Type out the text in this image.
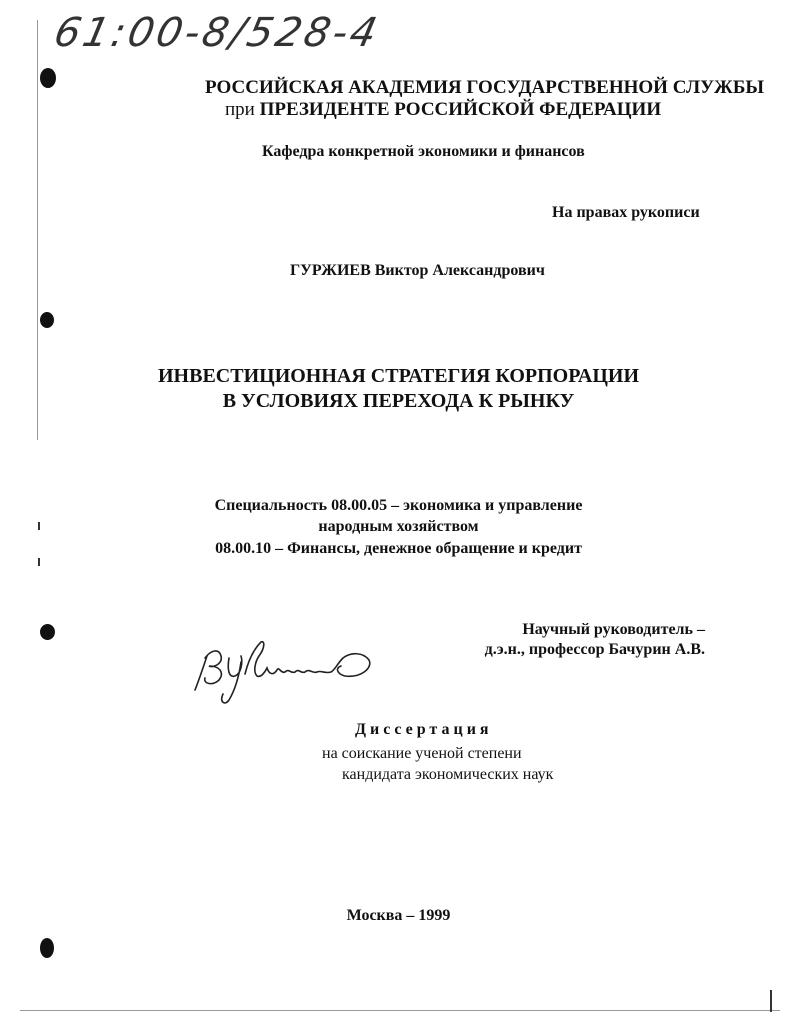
61:00-8/528-4
РОССИЙСКАЯ АКАДЕМИЯ ГОСУДАРСТВЕННОЙ СЛУЖБЫ
при ПРЕЗИДЕНТЕ РОССИЙСКОЙ ФЕДЕРАЦИИ
Кафедра конкретной экономики и финансов
На правах рукописи
ГУРЖИЕВ Виктор Александрович
ИНВЕСТИЦИОННАЯ СТРАТЕГИЯ КОРПОРАЦИИ
В УСЛОВИЯХ ПЕРЕХОДА К РЫНКУ
Специальность 08.00.05 – экономика и управление
народным хозяйством
08.00.10 – Финансы, денежное обращение и кредит
Научный руководитель –
д.э.н., профессор Бачурин А.В.
Диссертация
на соискание ученой степени
кандидата экономических наук
Москва – 1999
